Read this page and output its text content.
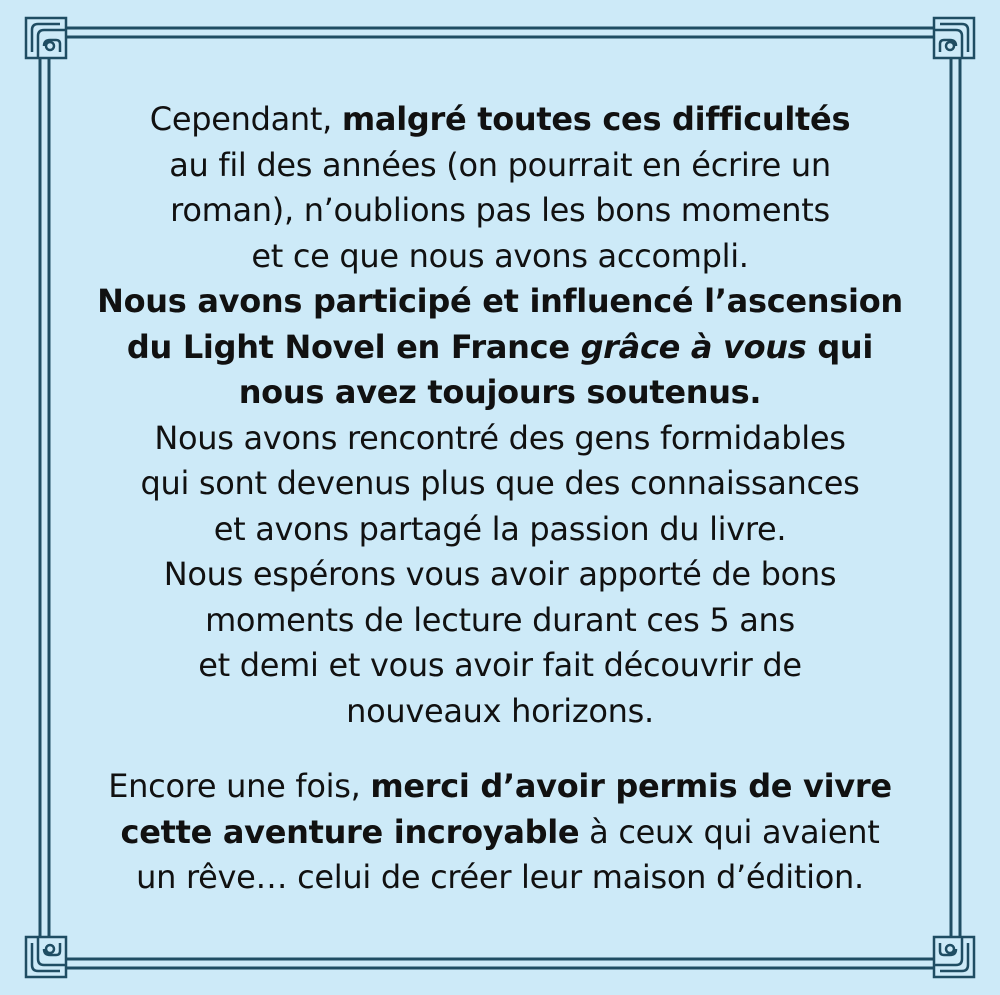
Cependant, malgré toutes ces difficultés

au fil des années (on pourrait en écrire un

roman), n’oublions pas les bons moments

et ce que nous avons accompli.

Nous avons participé et influencé l’ascension

du Light Novel en France grâce à vous qui

nous avez toujours soutenus.

Nous avons rencontré des gens formidables

qui sont devenus plus que des connaissances

et avons partagé la passion du livre.

Nous espérons vous avoir apporté de bons

moments de lecture durant ces 5 ans

et demi et vous avoir fait découvrir de

nouveaux horizons.

Encore une fois, merci d’avoir permis de vivre

cette aventure incroyable à ceux qui avaient

un rêve… celui de créer leur maison d’édition.
